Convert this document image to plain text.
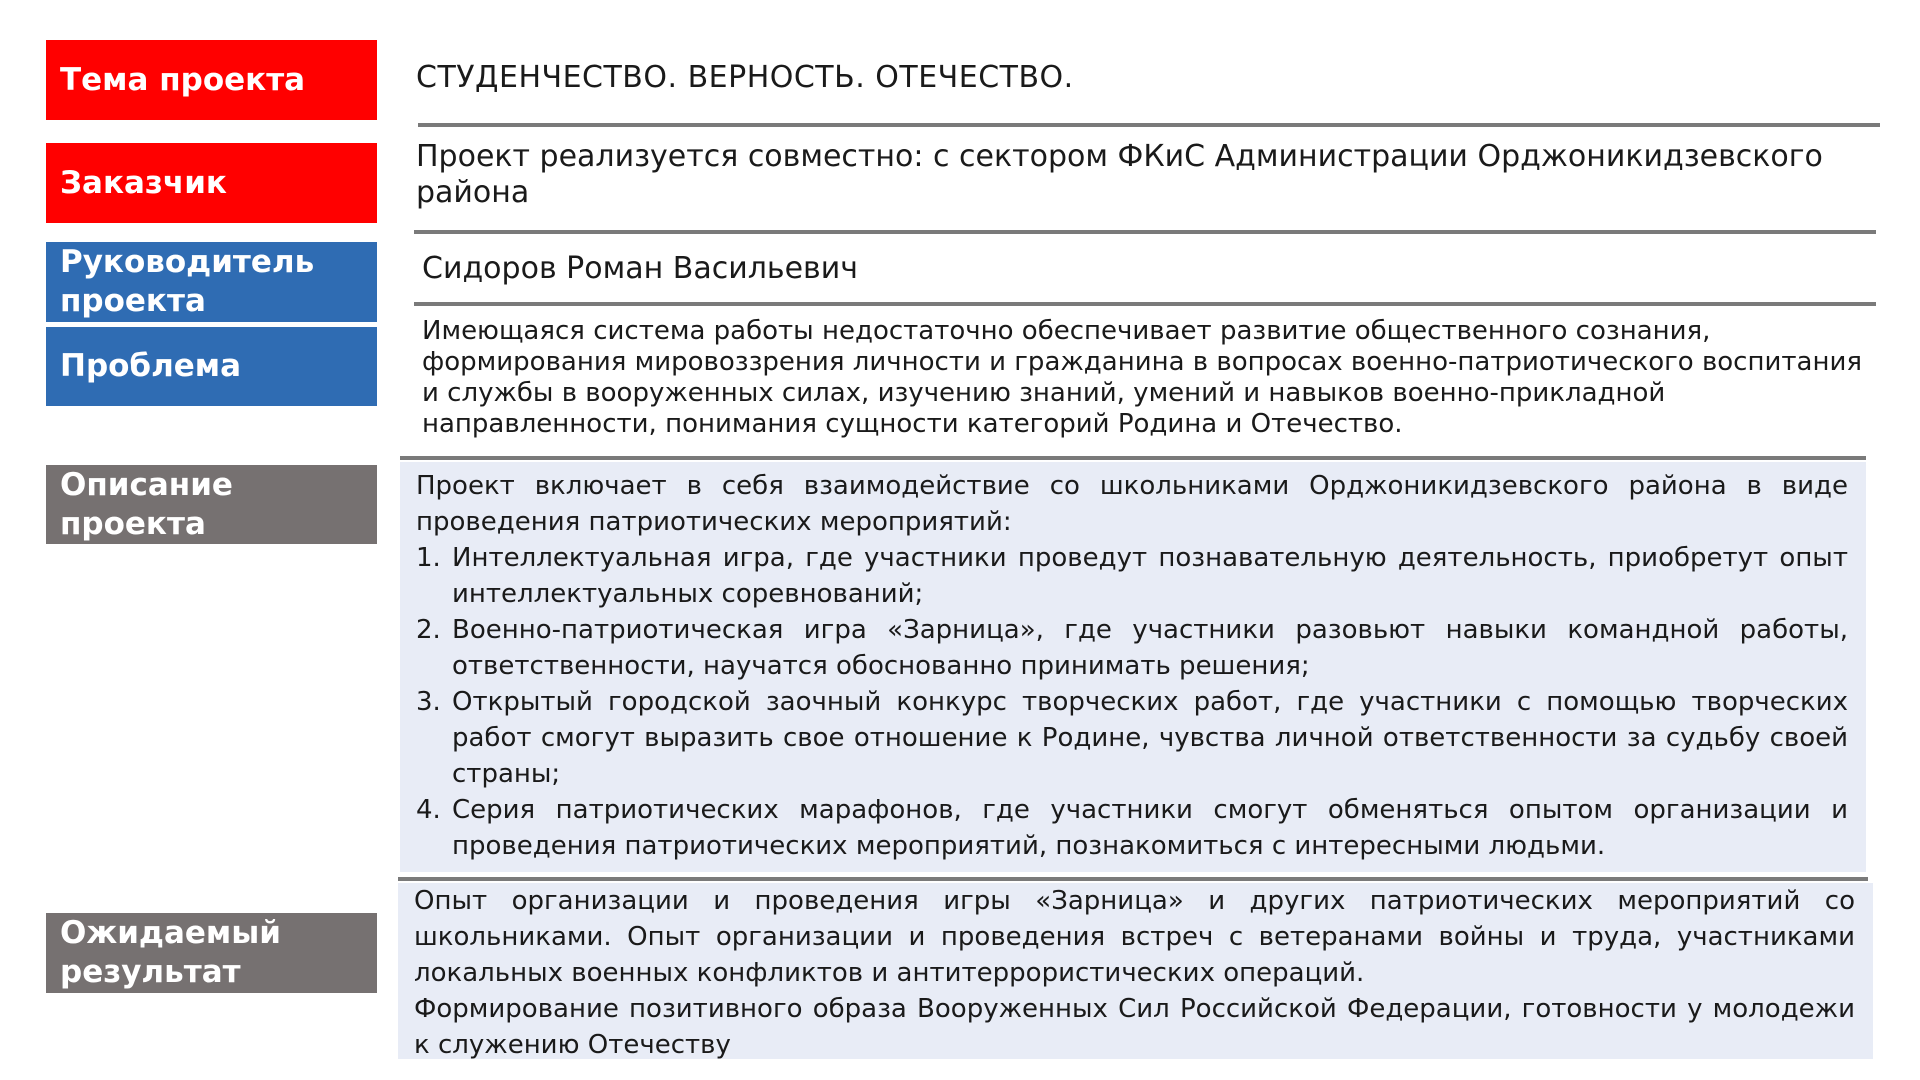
Тема проекта	СТУДЕНЧЕСТВО. ВЕРНОСТЬ. ОТЕЧЕСТВО.

Заказчик

Проект реализуется совместно: с сектором ФКиС Администрации Орджоникидзевского района

Руководитель проекта

Сидоров Роман Васильевич

Проблема

Имеющаяся система работы недостаточно обеспечивает развитие общественного сознания, формирования мировоззрения личности и гражданина в вопросах военно-патриотического воспитания и службы в вооруженных силах, изучению знаний, умений и навыков военно-прикладной направленности, понимания сущности категорий Родина и Отечество.

Описание проекта

Проект включает в себя взаимодействие со школьниками Орджоникидзевского района в виде проведения патриотических мероприятий:

1. Интеллектуальная игра, где участники проведут познавательную деятельность, приобретут опыт интеллектуальных соревнований;
2. Военно-патриотическая игра «Зарница», где участники разовьют навыки командной работы, ответственности, научатся обоснованно принимать решения;
3. Открытый городской заочный конкурс творческих работ, где участники с помощью творческих работ смогут выразить свое отношение к Родине, чувства личной ответственности за судьбу своей страны;
4. Серия патриотических марафонов, где участники смогут обменяться опытом организации и проведения патриотических мероприятий, познакомиться с интересными людьми.
Ожидаемый результат

Опыт организации и проведения игры «Зарница» и других патриотических мероприятий со школьниками. Опыт организации и проведения встреч с ветеранами войны и труда, участниками локальных военных конфликтов и антитеррористических операций.

Формирование позитивного образа Вооруженных Сил Российской Федерации, готовности у молодежи к служению Отечеству
